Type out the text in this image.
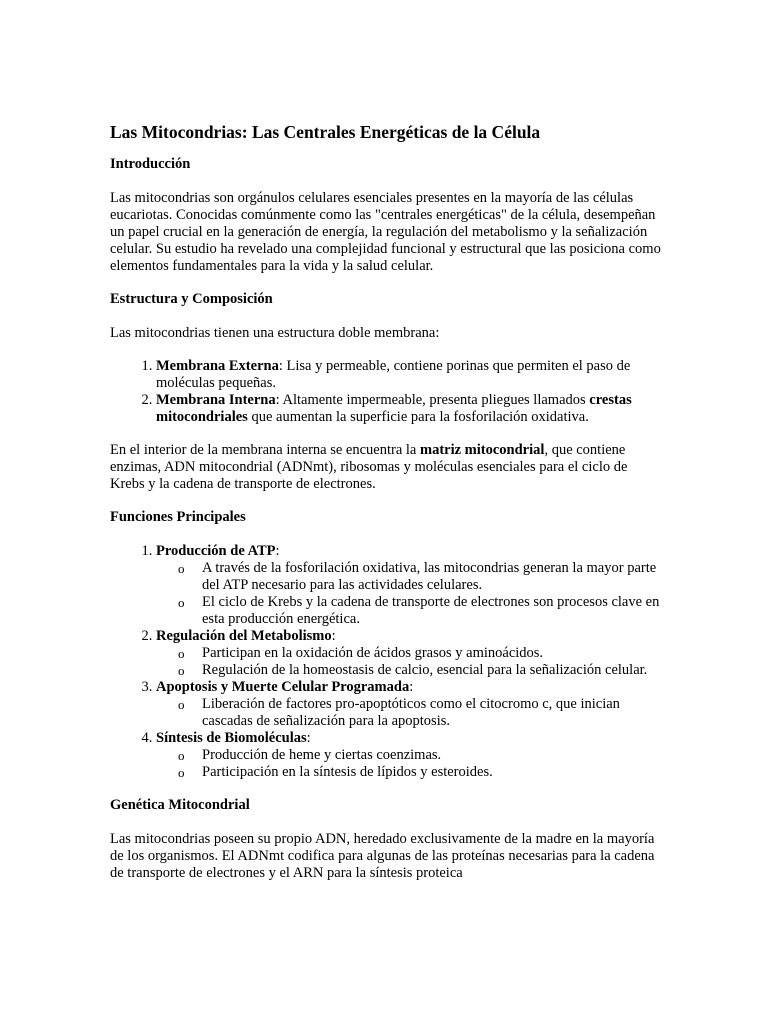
Las Mitocondrias: Las Centrales Energéticas de la Célula
Introducción

Las mitocondrias son orgánulos celulares esenciales presentes en la mayoría de las células eucariotas. Conocidas comúnmente como las "centrales energéticas" de la célula, desempeñan un papel crucial en la generación de energía, la regulación del metabolismo y la señalización celular. Su estudio ha revelado una complejidad funcional y estructural que las posiciona como elementos fundamentales para la vida y la salud celular.

Estructura y Composición

Las mitocondrias tienen una estructura doble membrana:

1. Membrana Externa: Lisa y permeable, contiene porinas que permiten el paso de moléculas pequeñas.
2. Membrana Interna: Altamente impermeable, presenta pliegues llamados crestas mitocondriales que aumentan la superficie para la fosforilación oxidativa.

En el interior de la membrana interna se encuentra la matriz mitocondrial, que contiene enzimas, ADN mitocondrial (ADNmt), ribosomas y moléculas esenciales para el ciclo de Krebs y la cadena de transporte de electrones.

Funciones Principales
1. Producción de ATP:
o A través de la fosforilación oxidativa, las mitocondrias generan la mayor parte del ATP necesario para las actividades celulares.
o El ciclo de Krebs y la cadena de transporte de electrones son procesos clave en esta producción energética.
2. Regulación del Metabolismo:
o Participan en la oxidación de ácidos grasos y aminoácidos.
o Regulación de la homeostasis de calcio, esencial para la señalización celular.
3. Apoptosis y Muerte Celular Programada:
o Liberación de factores pro-apoptóticos como el citocromo c, que inician cascadas de señalización para la apoptosis.
4. Síntesis de Biomoléculas:
o Producción de heme y ciertas coenzimas.
o Participación en la síntesis de lípidos y esteroides.
Genética Mitocondrial

Las mitocondrias poseen su propio ADN, heredado exclusivamente de la madre en la mayoría de los organismos. El ADNmt codifica para algunas de las proteínas necesarias para la cadena de transporte de electrones y el ARN para la síntesis proteica
